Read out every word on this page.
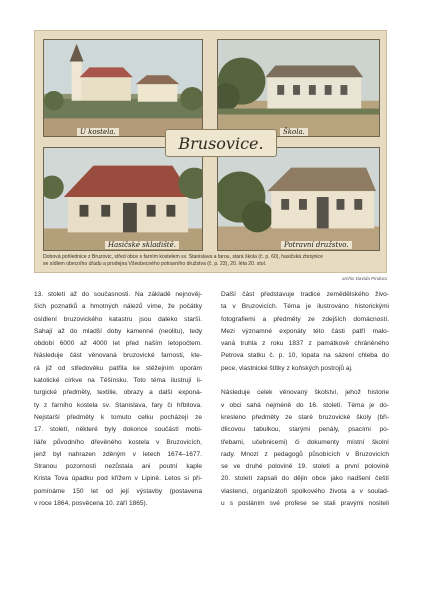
Brusovice.
U kostela.	Škola.
Hasičské skladiště.	Potravní družstvo.
Dobová pohlednice z Bruzovic, střed obce s farním kostelem sv. Stanislava a farou, stará škola (č. p. 60), hasičská zbrojnice
se sídlem obecního úřadu a prodejna Všeobecného potravního družstva (č. p. 23), 20. léta 20. stol.
archiv Davida Pindura
13. století až do současnosti. Na základě nejnověj-
ších poznatků a hmotných nálezů víme, že počátky
osídlení bruzovického katastru jsou daleko starší.
Sahají až do mladší doby kamenné (neolitu), tedy
období 6000 až 4000 let před naším letopočtem.
Následuje část věnovaná bruzovické farnosti, kte-
rá již od středověku patřila ke stěžejním oporám
katolické církve na Těšínsku. Toto téma ilustrují li-
turgické předměty, textilie, obrazy a další exponá-
ty z farního kostela sv. Stanislava, fary či hřbitova.
Nejstarší předměty k tomuto celku pocházejí ze
17. století, některé byly dokonce součástí mobi-
liáře původního dřevěného kostela v Bruzovicích,
jenž byl nahrazen zděným v letech 1674–1677.
Stranou pozornosti nezůstala ani poutní kaple
Krista Tova úpadku pod křížem v Lipině. Letos si při-
pomínáme 150 let od její výstavby (postavena
v roce 1864, posvěcena 10. září 1865).
Další část představuje tradice zemědělského živo-
ta v Bruzovicích. Téma je ilustrováno historickými
fotografiemi a předměty ze zdejších domácností.
Mezi významné exponáty této části patří malo-
vaná truhla z roku 1837 z památkově chráněného
Petrova statku č. p. 10, lopata na sázení chleba do
pece, vlastnické štítky z koňských postrojů aj.
Následuje celek věnovaný školství, jehož historie
v obci sahá nejméně do 16. století. Téma je do-
kresleno předměty ze staré bruzovické školy (bři-
dlicovou tabulkou, starými penály, psacími po-
třebami, učebnicemi) či dokumenty místní školní
rady. Mnozí z pedagogů působících v Bruzovicích
se ve druhé polovině 19. století a první polovině
20. století zapsali do dějin obce jako nadšení čeští
vlastenci, organizátoři spolkového života a v soulad-
u s posláním své profese se stali pravými nositeli
